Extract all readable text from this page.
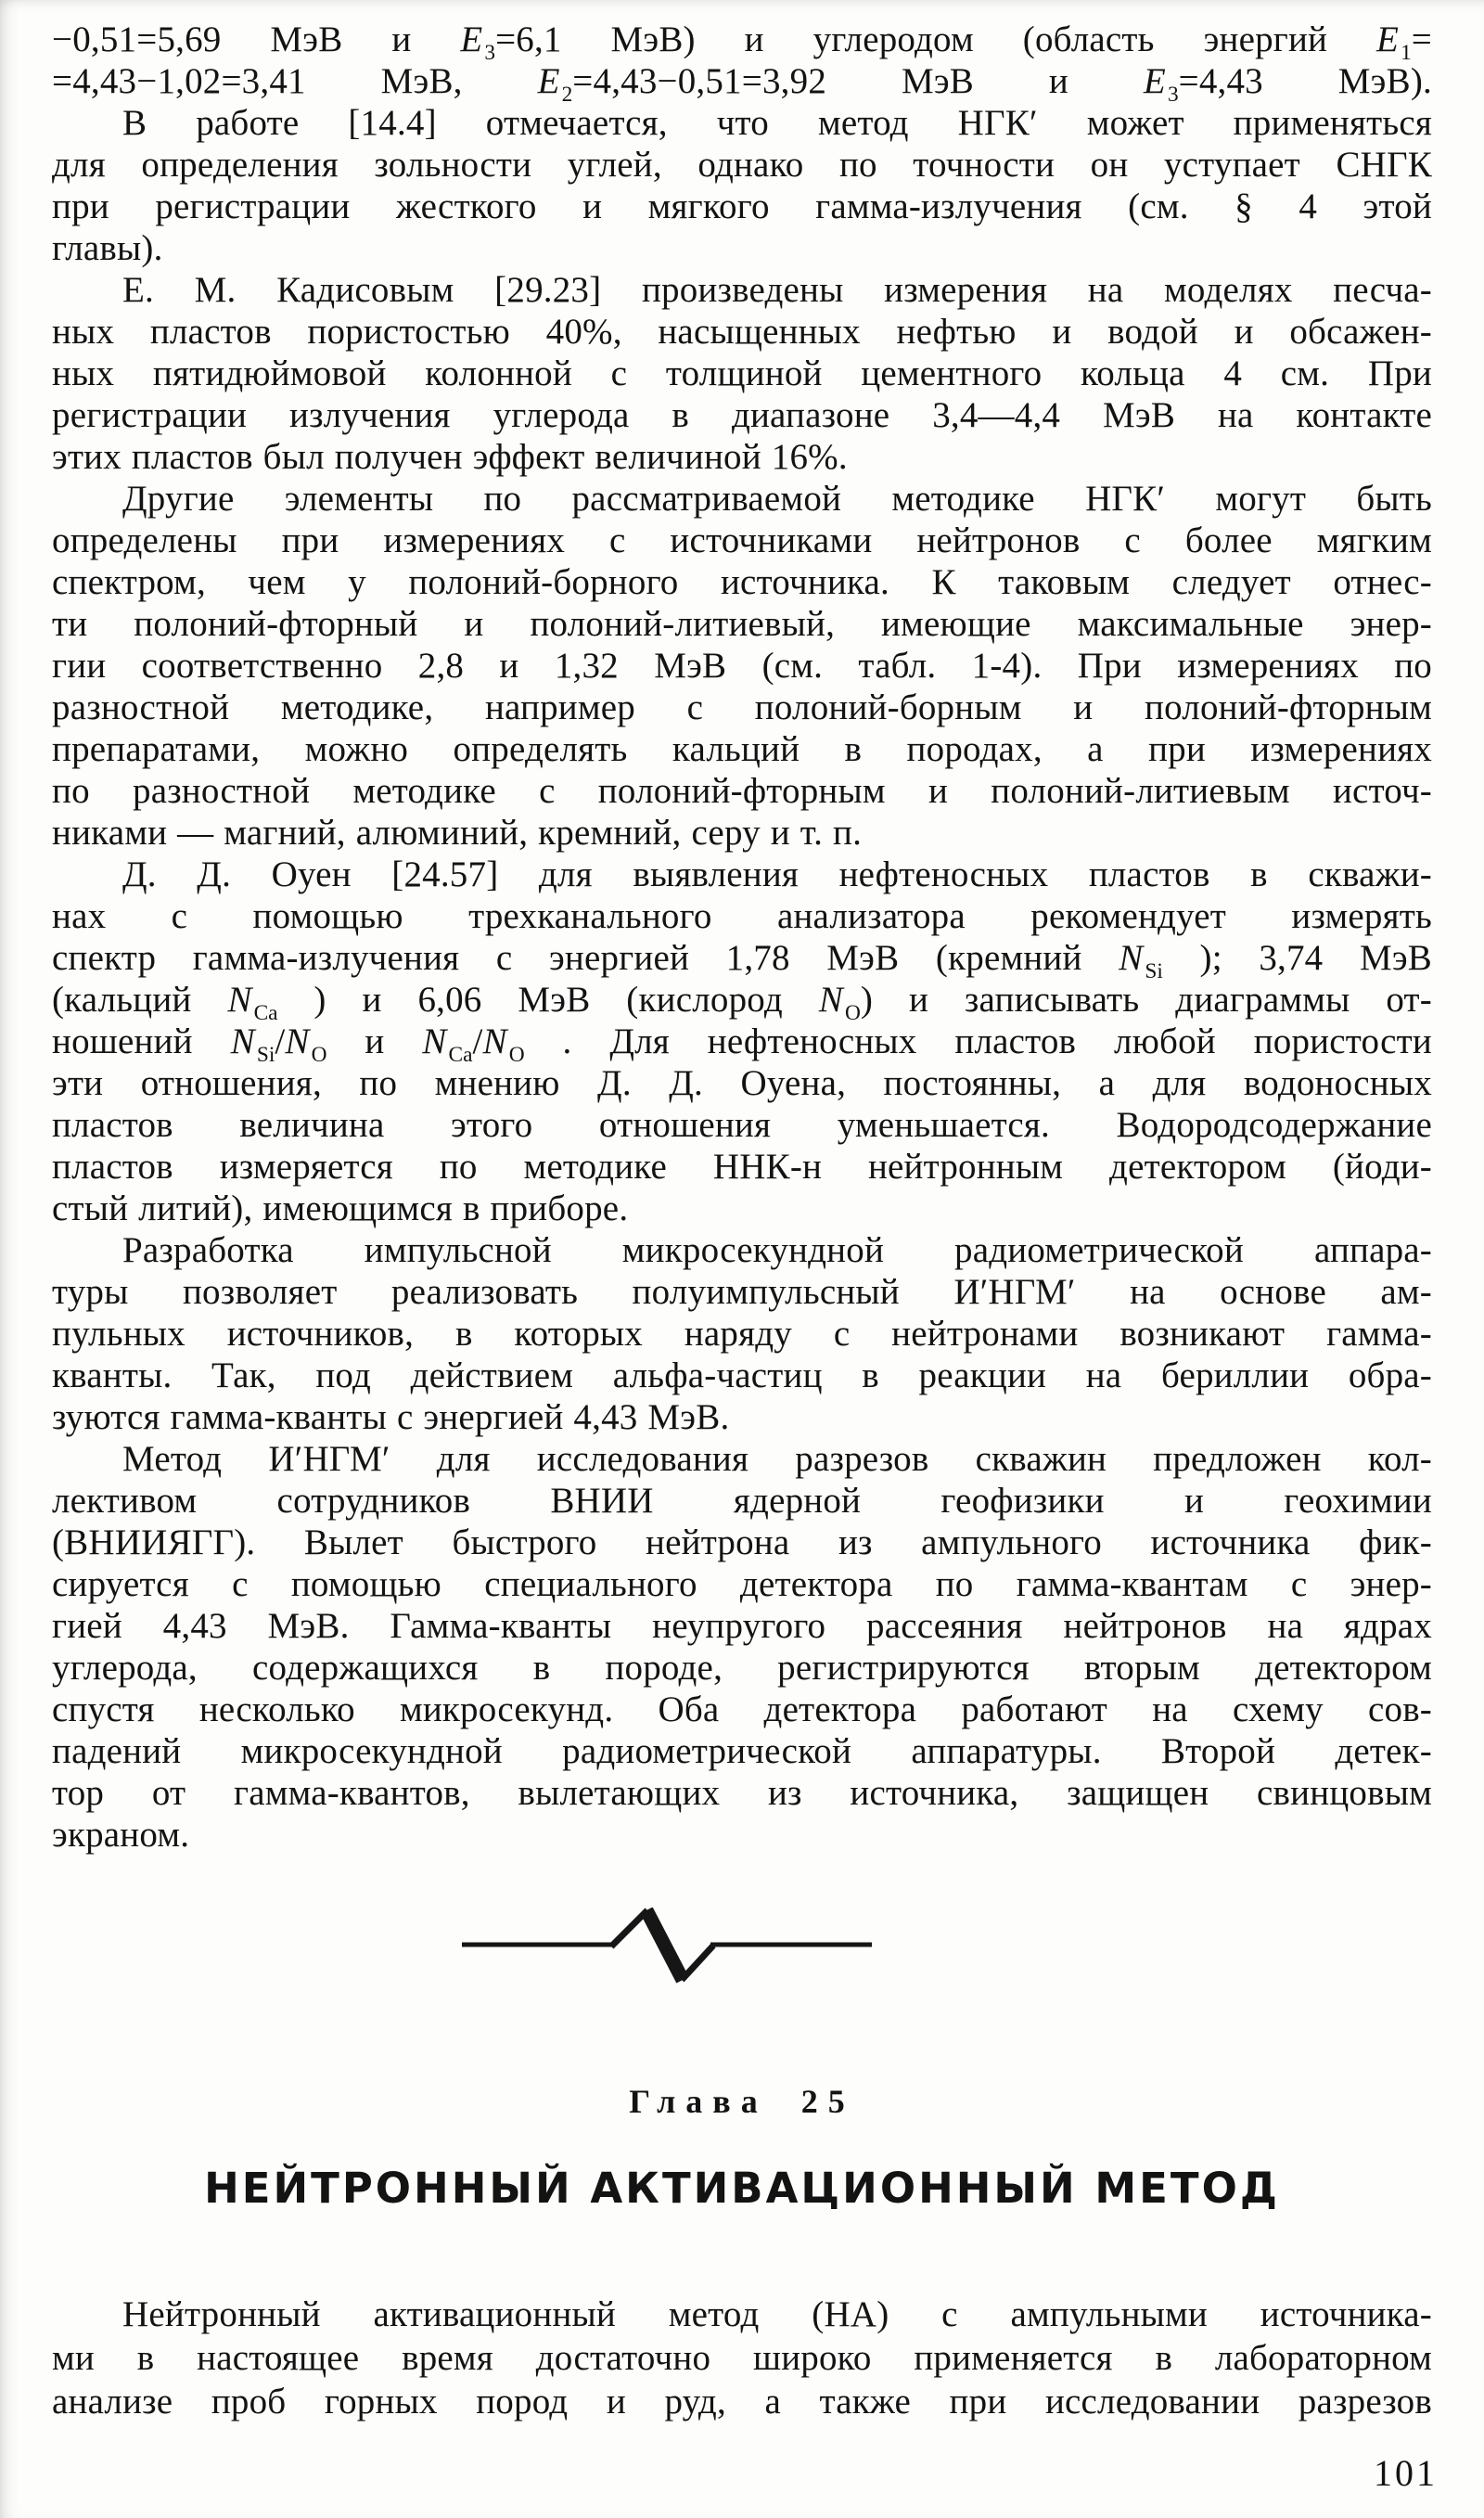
−0,51=5,69 МэВ и $E_3=6,1$ МэВ) и углеродом (область энергий $E_1=$
=4,43−1,02=3,41 МэВ, $E_2=4,43-0,51=3,92$ МэВ и $E_3=4,43$ МэВ).

В работе [14.4] отмечается, что метод НГК′ может применяться
для определения зольности углей, однако по точности он уступает СНГК
при регистрации жесткого и мягкого гамма-излучения (см. § 4 этой
главы).

Е. М. Кадисовым [29.23] произведены измерения на моделях песча-
ных пластов пористостью 40%, насыщенных нефтью и водой и обсажен-
ных пятидюймовой колонной с толщиной цементного кольца 4 см. При
регистрации излучения углерода в диапазоне 3,4—4,4 МэВ на контакте
этих пластов был получен эффект величиной 16%.

Другие элементы по рассматриваемой методике НГК′ могут быть
определены при измерениях с источниками нейтронов с более мягким
спектром, чем у полоний-борного источника. К таковым следует отнес-
ти полоний-фторный и полоний-литиевый, имеющие максимальные энер-
гии соответственно 2,8 и 1,32 МэВ (см. табл. 1-4). При измерениях по
разностной методике, например с полоний-борным и полоний-фторным
препаратами, можно определять кальций в породах, а при измерениях
по разностной методике с полоний-фторным и полоний-литиевым источ-
никами — магний, алюминий, кремний, серу и т. п.

Д. Д. Оуен [24.57] для выявления нефтеносных пластов в скважи-
нах с помощью трехканального анализатора рекомендует измерять
спектр гамма-излучения с энергией 1,78 МэВ (кремний $N_{Si}$ ); 3,74 МэВ
(кальций $N_{Ca}$ ) и 6,06 МэВ (кислород $N_O$) и записывать диаграммы от-
ношений $N_{Si}/N_O$ и $N_{Ca}/N_O$ . Для нефтеносных пластов любой пористости
эти отношения, по мнению Д. Д. Оуена, постоянны, а для водоносных
пластов величина этого отношения уменьшается. Водородсодержание
пластов измеряется по методике ННК-н нейтронным детектором (йоди-
стый литий), имеющимся в приборе.

Разработка импульсной микросекундной радиометрической аппара-
туры позволяет реализовать полуимпульсный И′НГМ′ на основе ам-
пульных источников, в которых наряду с нейтронами возникают гамма-
кванты. Так, под действием альфа-частиц в реакции на бериллии обра-
зуются гамма-кванты с энергией 4,43 МэВ.

Метод И′НГМ′ для исследования разрезов скважин предложен кол-
лективом сотрудников ВНИИ ядерной геофизики и геохимии
(ВНИИЯГГ). Вылет быстрого нейтрона из ампульного источника фик-
сируется с помощью специального детектора по гамма-квантам с энер-
гией 4,43 МэВ. Гамма-кванты неупругого рассеяния нейтронов на ядрах
углерода, содержащихся в породе, регистрируются вторым детектором
спустя несколько микросекунд. Оба детектора работают на схему сов-
падений микросекундной радиометрической аппаратуры. Второй детек-
тор от гамма-квантов, вылетающих из источника, защищен свинцовым
экраном.

Глава 25
НЕЙТРОННЫЙ АКТИВАЦИОННЫЙ МЕТОД

Нейтронный активационный метод (НА) с ампульными источника-
ми в настоящее время достаточно широко применяется в лабораторном
анализе проб горных пород и руд, а также при исследовании разрезов

101
